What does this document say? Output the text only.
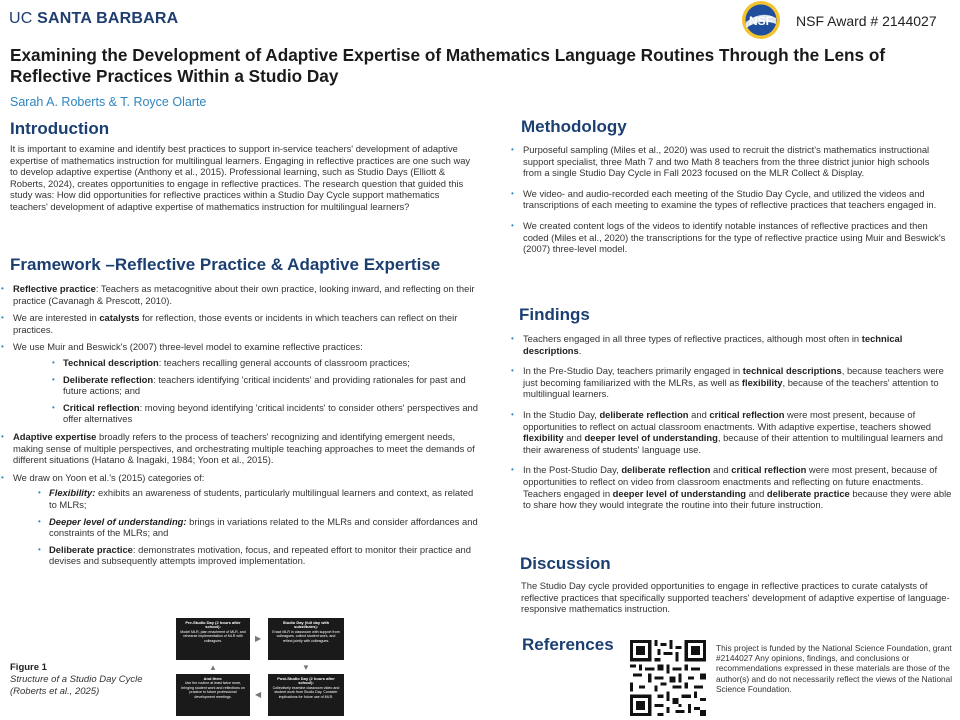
UC SANTA BARBARA	NSF NSF Award # 2144027
Examining the Development of Adaptive Expertise of Mathematics Language Routines Through the Lens of Reflective Practices Within a Studio Day
Sarah A. Roberts & T. Royce Olarte
Introduction
It is important to examine and identify best practices to support in-service teachers' development of adaptive expertise of mathematics instruction for multilingual learners. Engaging in reflective practices are one such way to develop adaptive expertise (Anthony et al., 2015). Professional learning, such as Studio Days (Elliott & Roberts, 2024), creates opportunities to engage in reflective practices. The research question that guided this study was: How did opportunities for reflective practices within a Studio Day Cycle support mathematics teachers' development of adaptive expertise of mathematics instruction for multilingual learners?
Framework –Reflective Practice & Adaptive Expertise
• Reflective practice: Teachers as metacognitive about their own practice, looking inward, and reflecting on their practice (Cavanagh & Prescott, 2010).
• We are interested in catalysts for reflection, those events or incidents in which teachers can reflect on their practices.
• We use Muir and Beswick's (2007) three-level model to examine reflective practices:
• Technical description: teachers recalling general accounts of classroom practices;
• Deliberate reflection: teachers identifying 'critical incidents' and providing rationales for past and future actions; and
• Critical reflection: moving beyond identifying 'critical incidents' to consider others' perspectives and offer alternatives
• Adaptive expertise broadly refers to the process of teachers' recognizing and identifying emergent needs, making sense of multiple perspectives, and orchestrating multiple teaching approaches to meet the demands of different situations (Hatano & Inagaki, 1984; Yoon et al., 2015).
• We draw on Yoon et al.'s (2015) categories of:
• Flexibility: exhibits an awareness of students, particularly multilingual learners and context, as related to MLRs;
• Deeper level of understanding: brings in variations related to the MLRs and consider affordances and constraints of the MLRs; and
• Deliberate practice: demonstrates motivation, focus, and repeated effort to monitor their practice and devises and subsequently attempts improved implementation.
Figure 1
Structure of a Studio Day Cycle (Roberts et al., 2025)
Pre-Studio Day (2 hours after school):
Model MLR, plan enactment of MLR, and rehearse implementation of MLR with colleagues.
Studio Day (full day with substitutes):
Enact MLR in classroom with support from colleagues, collect student work, and reflect jointly with colleagues.
And then:
Use the routine at least twice more, bringing student work and reflections on practice to future professional development meetings.
Post-Studio Day (2 hours after school):
Collectively examine classroom video and student work from Studio Day. Consider implications for future use of MLR.
▶
▼
◀
▲
Methodology
• Purposeful sampling (Miles et al., 2020) was used to recruit the district's mathematics instructional support specialist, three Math 7 and two Math 8 teachers from the three district junior high schools from a single Studio Day Cycle in Fall 2023 focused on the MLR Collect & Display.
• We video- and audio-recorded each meeting of the Studio Day Cycle, and utilized the videos and transcriptions of each meeting to examine the types of reflective practices that teachers engaged in.
• We created content logs of the videos to identify notable instances of reflective practices and then coded (Miles et al., 2020) the transcriptions for the type of reflective practice using Muir and Beswick's (2007) three-level model.
Findings
• Teachers engaged in all three types of reflective practices, although most often in technical descriptions.
• In the Pre-Studio Day, teachers primarily engaged in technical descriptions, because teachers were just becoming familiarized with the MLRs, as well as flexibility, because of the teachers' attention to multilingual learners.
• In the Studio Day, deliberate reflection and critical reflection were most present, because of opportunities to reflect on actual classroom enactments. With adaptive expertise, teachers showed flexibility and deeper level of understanding, because of their attention to multilingual learners and their awareness of students' language use.
• In the Post-Studio Day, deliberate reflection and critical reflection were most present, because of opportunities to reflect on video from classroom enactments and reflecting on future enactments. Teachers engaged in deeper level of understanding and deliberate practice because they were able to share how they would integrate the routine into their future instruction.
Discussion
The Studio Day cycle provided opportunities to engage in reflective practices to curate catalysts of reflective practices that specifically supported teachers' development of adaptive expertise of language-responsive mathematics instruction.
References	This project is funded by the National Science Foundation, grant #2144027 Any opinions, findings, and conclusions or recommendations expressed in these materials are those of the author(s) and do not necessarily reflect the views of the National Science Foundation.
